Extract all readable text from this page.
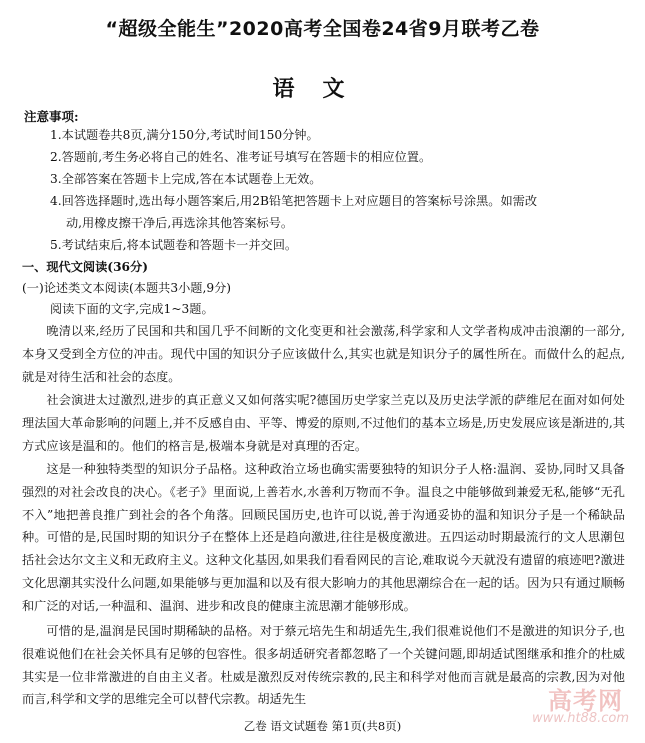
“超级全能生”2020高考全国卷24省9月联考乙卷
语文
注意事项:
1.本试题卷共8页,满分150分,考试时间150分钟。
2.答题前,考生务必将自己的姓名、准考证号填写在答题卡的相应位置。
3.全部答案在答题卡上完成,答在本试题卷上无效。
4.回答选择题时,选出每小题答案后,用2B铅笔把答题卡上对应题目的答案标号涂黑。如需改
动,用橡皮擦干净后,再选涂其他答案标号。
5.考试结束后,将本试题卷和答题卡一并交回。
一、现代文阅读(36分)
(一)论述类文本阅读(本题共3小题,9分)
阅读下面的文字,完成1~3题。
晚清以来,经历了民国和共和国几乎不间断的文化变更和社会激荡,科学家和人文学者构成冲击浪潮的一部分,本身又受到全方位的冲击。现代中国的知识分子应该做什么,其实也就是知识分子的属性所在。而做什么的起点,就是对待生活和社会的态度。
社会演进太过激烈,进步的真正意义又如何落实呢?德国历史学家兰克以及历史法学派的萨维尼在面对如何处理法国大革命影响的问题上,并不反感自由、平等、博爱的原则,不过他们的基本立场是,历史发展应该是渐进的,其方式应该是温和的。他们的格言是,极端本身就是对真理的否定。
这是一种独特类型的知识分子品格。这种政治立场也确实需要独特的知识分子人格:温润、妥协,同时又具备强烈的对社会改良的决心。《老子》里面说,上善若水,水善利万物而不争。温良之中能够做到兼爱无私,能够“无孔不入”地把善良推广到社会的各个角落。回顾民国历史,也许可以说,善于沟通妥协的温和知识分子是一个稀缺品种。可惜的是,民国时期的知识分子在整体上还是趋向激进,往往是极度激进。五四运动时期最流行的文人思潮包括社会达尔文主义和无政府主义。这种文化基因,如果我们看看网民的言论,难取说今天就没有遗留的痕迹吧?激进文化思潮其实没什么问题,如果能够与更加温和以及有很大影响力的其他思潮综合在一起的话。因为只有通过顺畅和广泛的对话,一种温和、温润、进步和改良的健康主流思潮才能够形成。
可惜的是,温润是民国时期稀缺的品格。对于蔡元培先生和胡适先生,我们很难说他们不是激进的知识分子,也很难说他们在社会关怀具有足够的包容性。很多胡适研究者都忽略了一个关键问题,即胡适试图继承和推介的杜威其实是一位非常激进的自由主义者。杜威是激烈反对传统宗教的,民主和科学对他而言就是最高的宗教,因为对他而言,科学和文学的思维完全可以替代宗教。胡适先生
乙卷 语文试题卷 第1页(共8页)
高考网
www.ht88.com
